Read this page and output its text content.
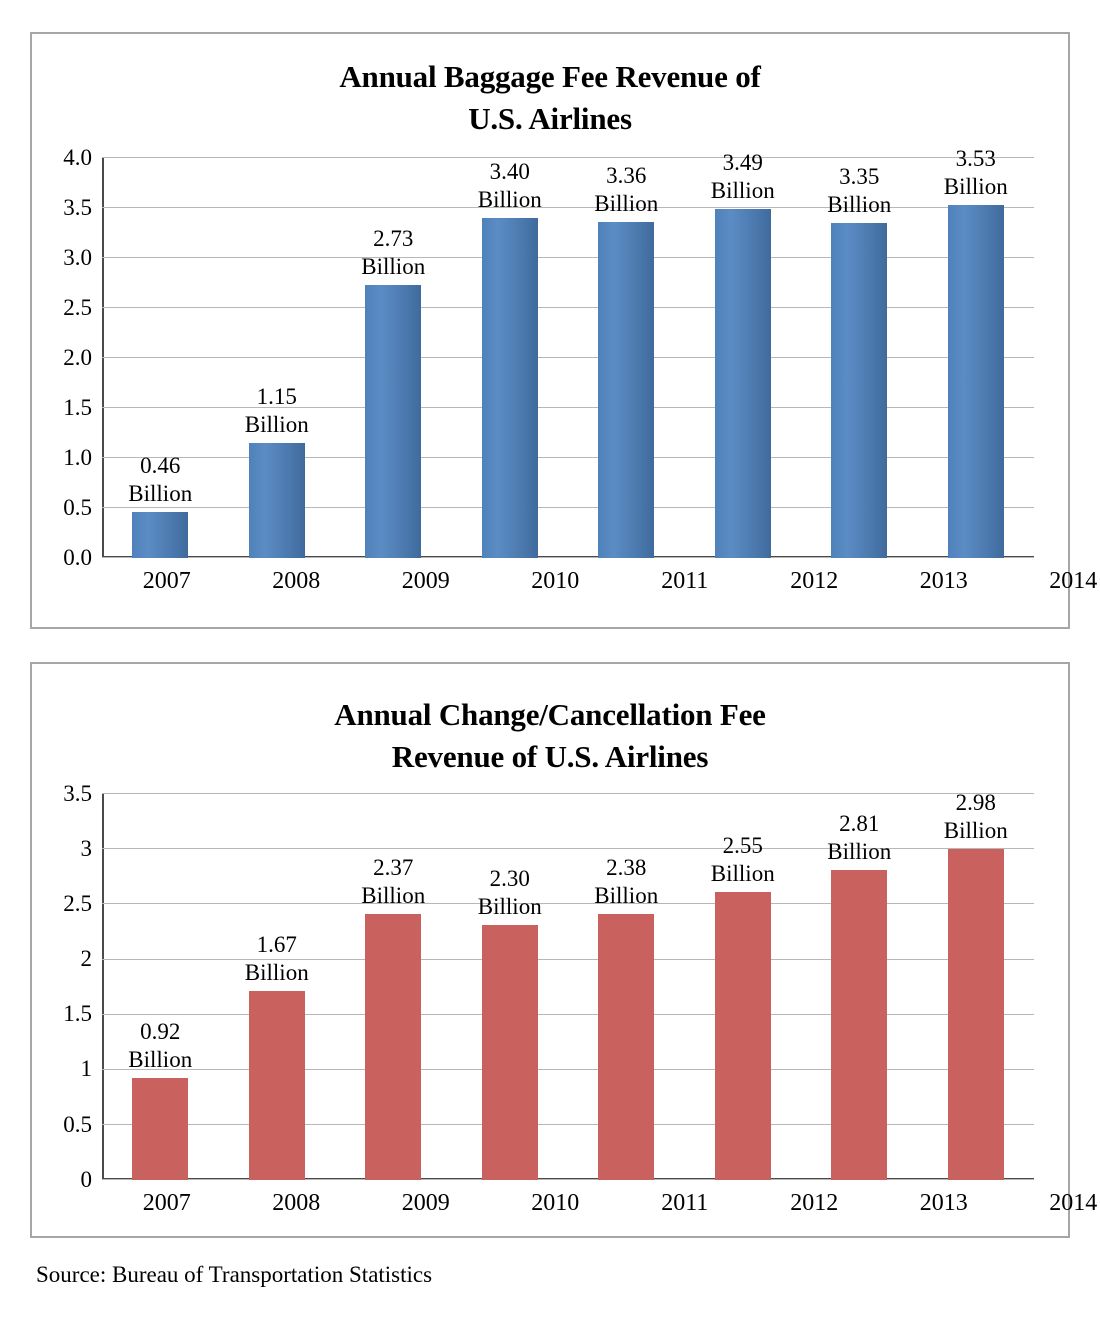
Annual Baggage Fee Revenue of
U.S. Airlines
4.0
3.5
3.0
2.5
2.0
1.5
1.0
0.5
0.0
0.46
Billion
1.15
Billion
2.73
Billion
3.40
Billion
3.36
Billion
3.49
Billion
3.35
Billion
3.53
Billion
2007	2008	2009	2010	2011	2012	2013	2014
Annual Change/Cancellation Fee
Revenue of U.S. Airlines
3.5
3
2.5
2
1.5
1
0.5
0
0.92
Billion
1.67
Billion
2.37
Billion
2.30
Billion
2.38
Billion
2.55
Billion
2.81
Billion
2.98
Billion
2007	2008	2009	2010	2011	2012	2013	2014
Source: Bureau of Transportation Statistics
